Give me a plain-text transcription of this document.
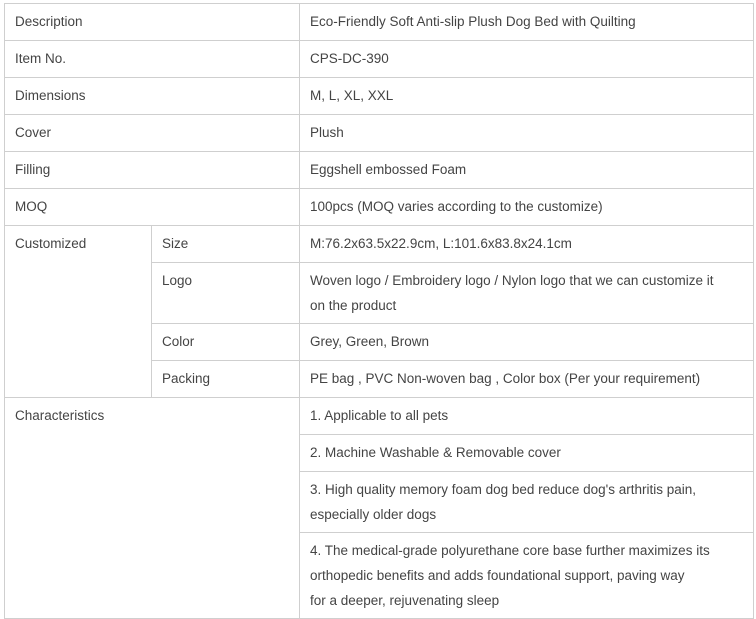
Description		Eco-Friendly Soft Anti-slip Plush Dog Bed with Quilting

Item No.		CPS-DC-390

Dimensions		M, L, XL, XXL

Cover		Plush

Filling		Eggshell embossed Foam

MOQ		100pcs (MOQ varies according to the customize)

Customized	Size	M:76.2x63.5x22.9cm, L:101.6x83.8x24.1cm

	Logo	Woven logo / Embroidery logo / Nylon logo that we can customize it
on the product

	Color	Grey, Green, Brown

	Packing	PE bag , PVC Non-woven bag , Color box (Per your requirement)

Characteristics		1. Applicable to all pets

		2. Machine Washable & Removable cover

		3. High quality memory foam dog bed reduce dog's arthritis pain,
especially older dogs

		4. The medical-grade polyurethane core base further maximizes its
orthopedic benefits and adds foundational support, paving way
for a deeper, rejuvenating sleep
